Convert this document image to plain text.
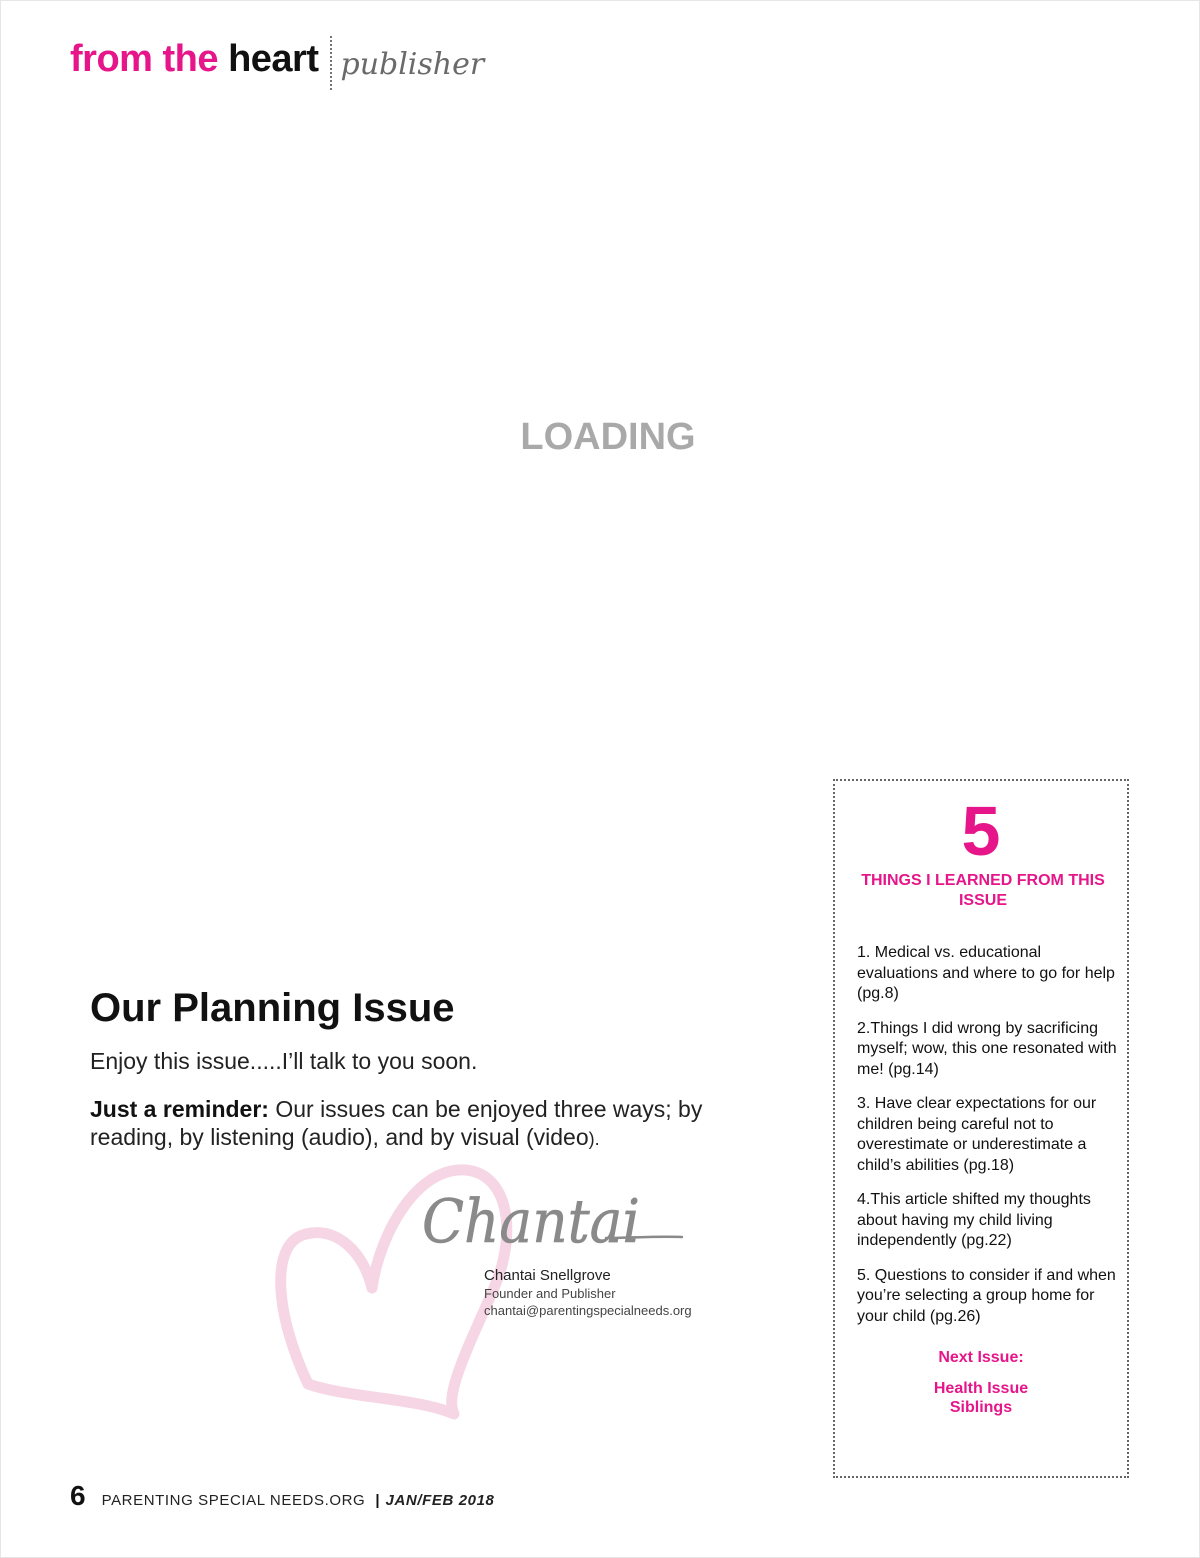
from the heart publisher
LOADING
Our Planning Issue
Enjoy this issue.....I’ll talk to you soon.
Just a reminder: Our issues can be enjoyed three ways; by reading, by listening (audio), and by visual (video).
Chantai
Chantai Snellgrove
Founder and Publisher
chantai@parentingspecialneeds.org
5
THINGS I LEARNED FROM THIS ISSUE
1. Medical vs. educational evaluations and where to go for help (pg.8)
2.Things I did wrong by sacrificing myself; wow, this one resonated with me! (pg.14)
3. Have clear expectations for our children being careful not to overestimate or underestimate a child’s abilities (pg.18)
4.This article shifted my thoughts about having my child living independently (pg.22)
5. Questions to consider if and when you’re selecting a group home for your child (pg.26)
Next Issue:
Health Issue
Siblings
6 PARENTING SPECIAL NEEDS.ORG | JAN/FEB 2018
